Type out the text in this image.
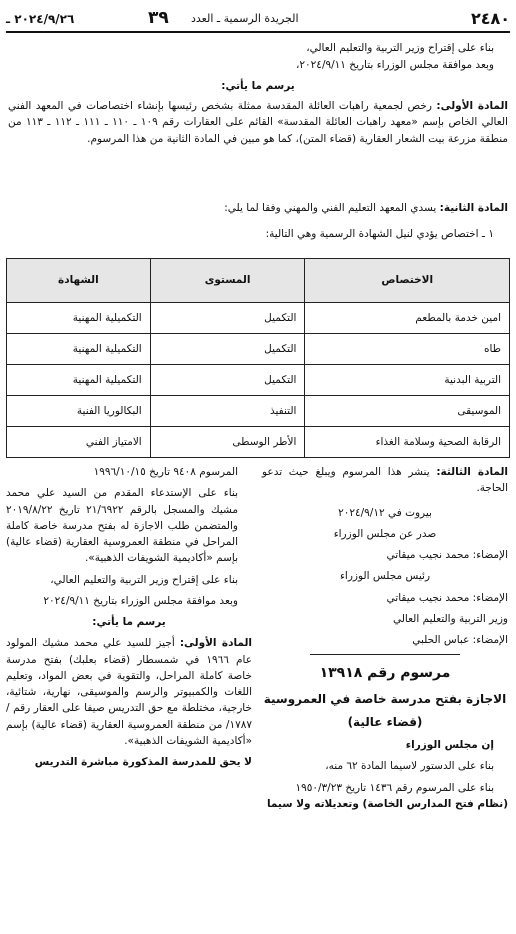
٢٠٢٤/٩/٢٦ ـ	٣٩ الجريدة الرسمية ـ العدد	٢٤٨٠

بناء على إقتراح وزير التربية والتعليم العالي،

وبعد موافقة مجلس الوزراء بتاريخ ٢٠٢٤/٩/١١،

يرسم ما يأتي:

المادة الأولى: رخص لجمعية راهبات العائلة المقدسة ممثلة بشخص رئيسها بإنشاء اختصاصات في المعهد الفني العالي الخاص بإسم «معهد راهبات العائلة المقدسة» القائم على العقارات رقم ١٠٩ ـ ١١٠ ـ ١١١ ـ ١١٢ ـ ١١٣ من منطقة مزرعة بيت الشعار العقارية (قضاء المتن)، كما هو مبين في المادة الثانية من هذا المرسوم.

المادة الثانية: يسدي المعهد التعليم الفني والمهني وفقا لما يلي:

١ ـ اختصاص يؤدي لنيل الشهادة الرسمية وهي التالية:

الاختصاص	المستوى	الشهادة
امين خدمة بالمطعم	التكميل	التكميلية المهنية
طاه	التكميل	التكميلية المهنية
التربية البدنية	التكميل	التكميلية المهنية
الموسيقى	التنفيذ	البكالوريا الفنية
الرقابة الصحية وسلامة الغذاء	الأطر الوسطى	الامتياز الفني

المادة الثالثة: ينشر هذا المرسوم ويبلغ حيث تدعو الحاجة.

بيروت في ٢٠٢٤/٩/١٢

صدر عن مجلس الوزراء

الإمضاء: محمد نجيب ميقاتي

رئيس مجلس الوزراء

الإمضاء: محمد نجيب ميقاتي

وزير التربية والتعليم العالي

الإمضاء: عباس الحلبي

مرسوم رقم ١٣٩١٨

الاجازة بفتح مدرسة خاصة في العمروسية

(قضاء عالية)

إن مجلس الوزراء

بناء على الدستور لاسيما المادة ٦٢ منه،

بناء على المرسوم رقم ١٤٣٦ تاريخ ١٩٥٠/٣/٢٣

(نظام فتح المدارس الخاصة) وتعديلاته ولا سيما

المرسوم ٩٤٠٨ تاريخ ١٩٩٦/١٠/١٥

بناء على الإستدعاء المقدم من السيد علي محمد مشيك والمسجل بالرقم ٢١/٦٩٢٢ تاريخ ٢٠١٩/٨/٢٢ والمتضمن طلب الاجازة له بفتح مدرسة خاصة كاملة المراحل في منطقة العمروسية العقارية (قضاء عالية) بإسم «أكاديمية الشويفات الذهبية».

بناء على إقتراح وزير التربية والتعليم العالي،

وبعد موافقة مجلس الوزراء بتاريخ ٢٠٢٤/٩/١١

يرسم ما يأتي:

المادة الأولى: أجيز للسيد علي محمد مشيك المولود عام ١٩٦٦ في شمسطار (قضاء بعلبك) بفتح مدرسة خاصة كاملة المراحل، والتقوية في بعض المواد، وتعليم اللغات والكمبيوتر والرسم والموسيقى، نهارية، شتائية، خارجية، مختلطة مع حق التدريس صيفا على العقار رقم /١٧٨٧/ من منطقة العمروسية العقارية (قضاء عالية) بإسم «أكاديمية الشويفات الذهبية».

لا يحق للمدرسة المذكورة مباشرة التدريس
